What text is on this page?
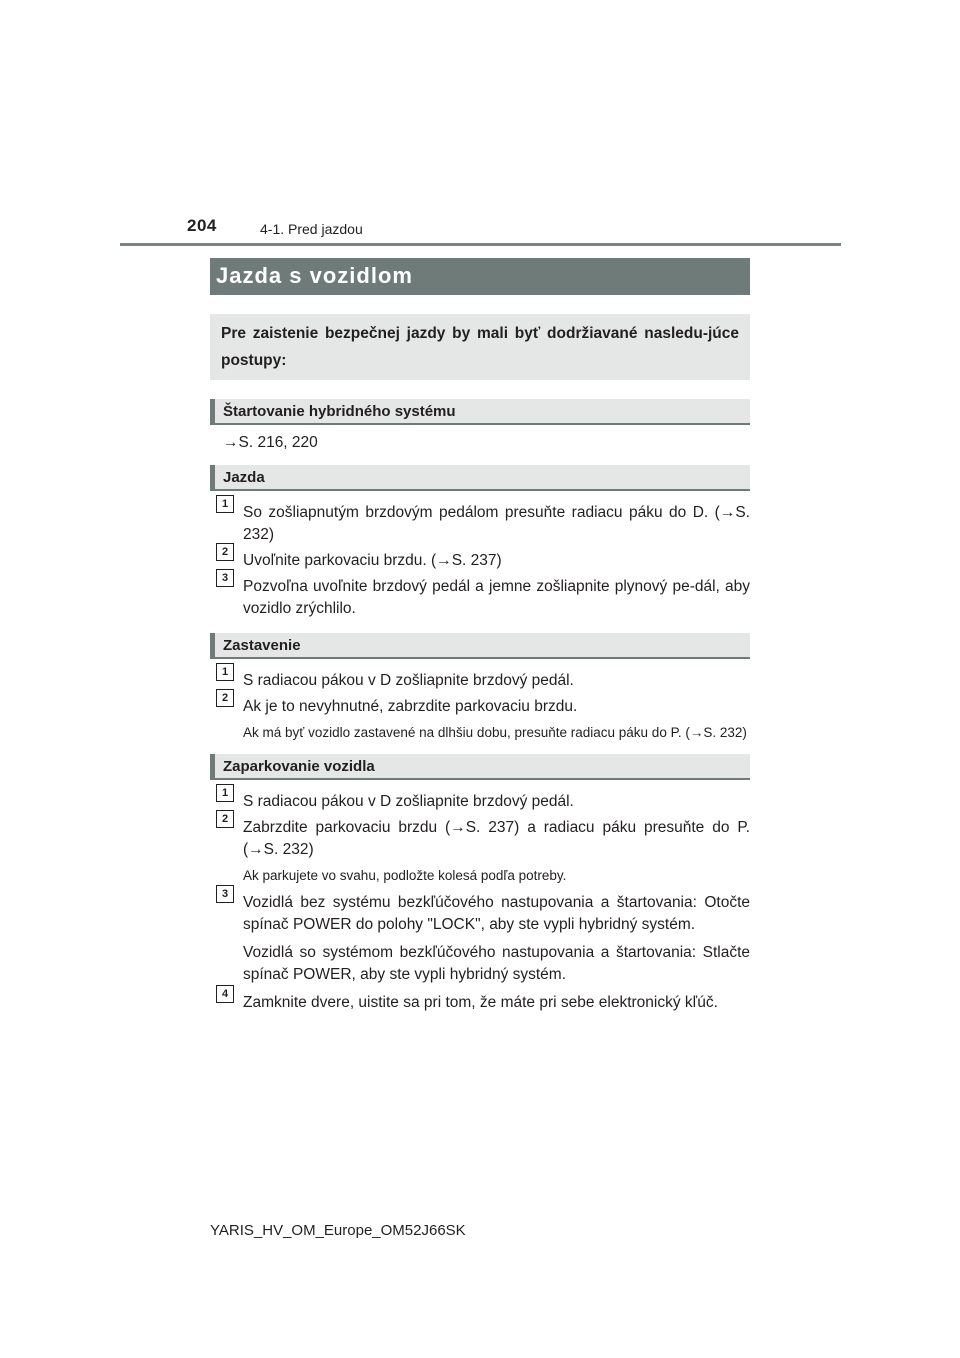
204	4-1. Pred jazdou
Jazda s vozidlom
Pre zaistenie bezpečnej jazdy by mali byť dodržiavané nasledu-júce postupy:
Štartovanie hybridného systému
→S. 216, 220
Jazda
1 So zošliapnutým brzdovým pedálom presuňte radiacu páku do D. (→S. 232)
2 Uvoľnite parkovaciu brzdu. (→S. 237)
3 Pozvoľna uvoľnite brzdový pedál a jemne zošliapnite plynový pe-dál, aby vozidlo zrýchlilo.
Zastavenie
1 S radiacou pákou v D zošliapnite brzdový pedál.
2 Ak je to nevyhnutné, zabrzdite parkovaciu brzdu.
Ak má byť vozidlo zastavené na dlhšiu dobu, presuňte radiacu páku do P. (→S. 232)
Zaparkovanie vozidla
1 S radiacou pákou v D zošliapnite brzdový pedál.
2 Zabrzdite parkovaciu brzdu (→S. 237) a radiacu páku presuňte do P. (→S. 232)
Ak parkujete vo svahu, podložte kolesá podľa potreby.
3 Vozidlá bez systému bezkľúčového nastupovania a štartovania: Otočte spínač POWER do polohy "LOCK", aby ste vypli hybridný systém.
Vozidlá so systémom bezkľúčového nastupovania a štartovania: Stlačte spínač POWER, aby ste vypli hybridný systém.
4 Zamknite dvere, uistite sa pri tom, že máte pri sebe elektronický kľúč.
YARIS_HV_OM_Europe_OM52J66SK
